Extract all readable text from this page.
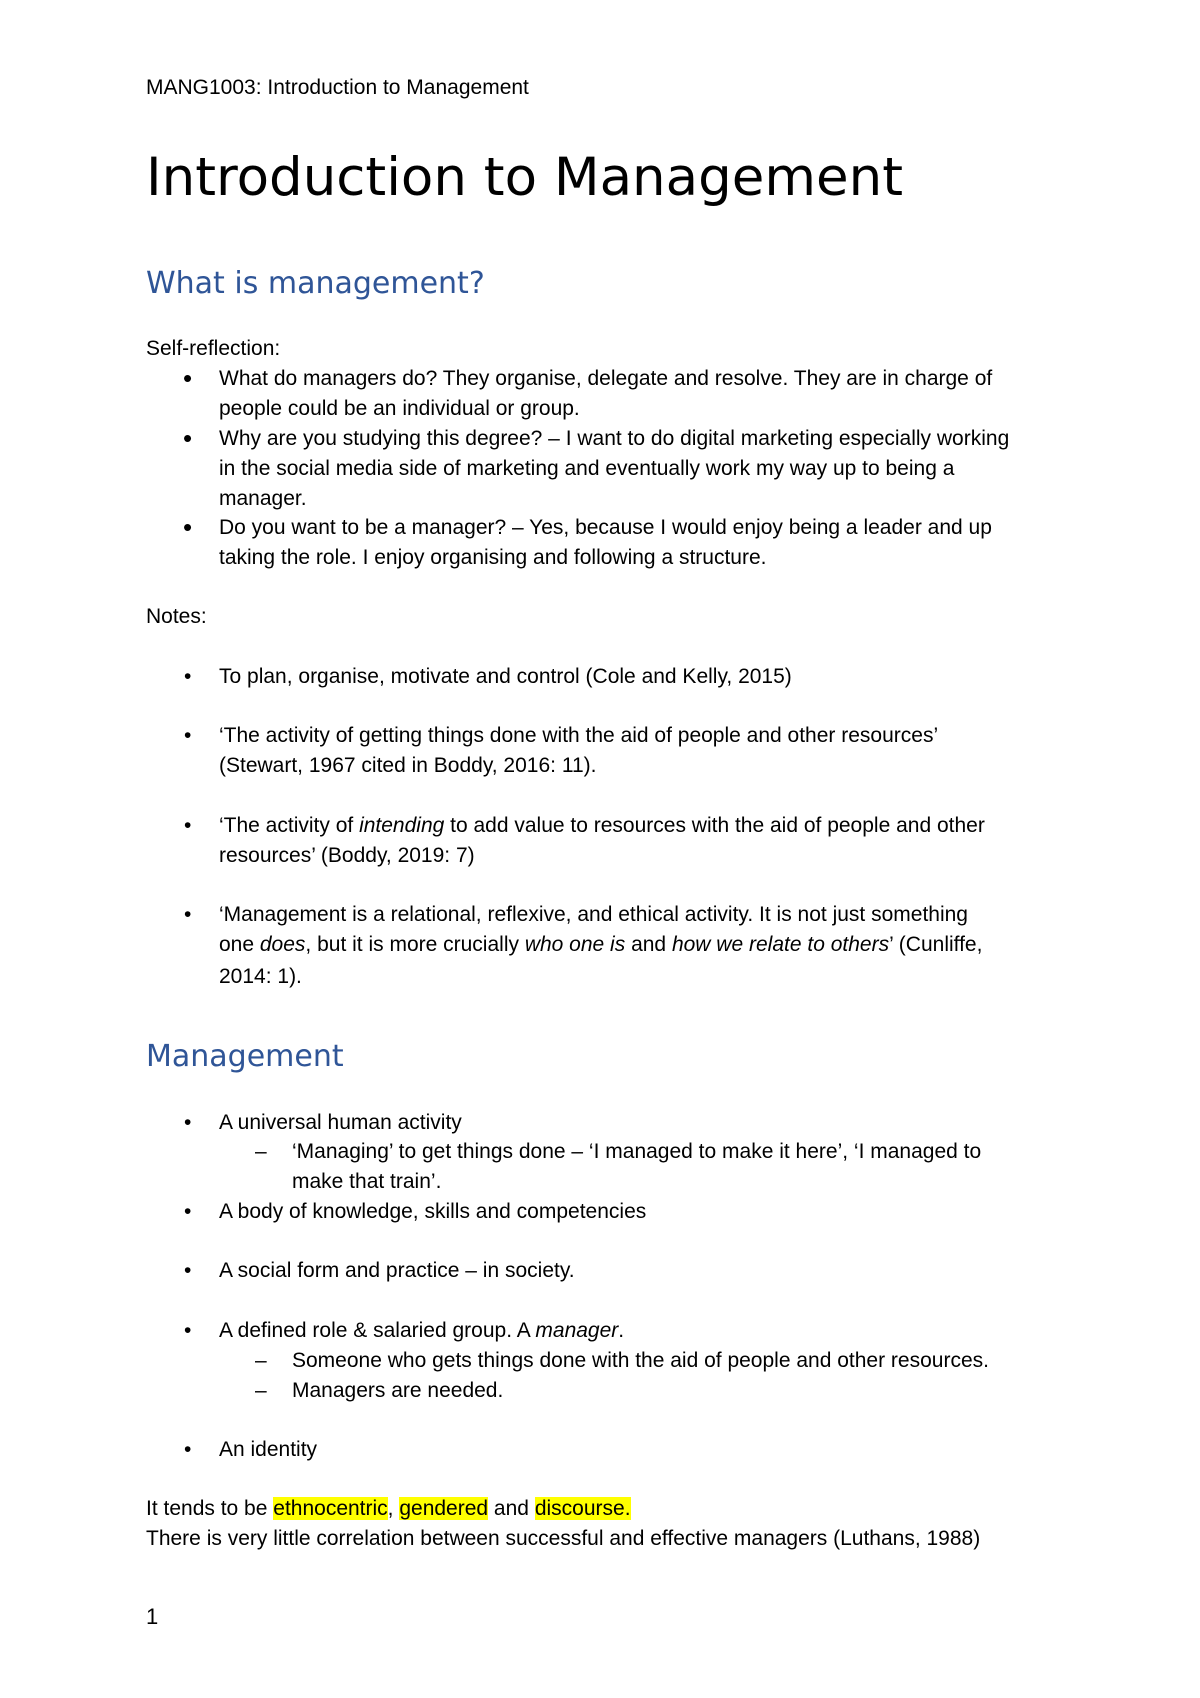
MANG1003: Introduction to Management
Introduction to Management
What is management?
Self-reflection:
• What do managers do? They organise, delegate and resolve. They are in charge of
people could be an individual or group.
• Why are you studying this degree? – I want to do digital marketing especially working
in the social media side of marketing and eventually work my way up to being a
manager.
• Do you want to be a manager? – Yes, because I would enjoy being a leader and up
taking the role. I enjoy organising and following a structure.
Notes:
• To plan, organise, motivate and control (Cole and Kelly, 2015)
• ‘The activity of getting things done with the aid of people and other resources’
(Stewart, 1967 cited in Boddy, 2016: 11).
• ‘The activity of intending to add value to resources with the aid of people and other
resources’ (Boddy, 2019: 7)
• ‘Management is a relational, reflexive, and ethical activity. It is not just something
one does, but it is more crucially who one is and how we relate to others’ (Cunliffe,
2014: 1).
Management
• A universal human activity
– ‘Managing’ to get things done – ‘I managed to make it here’, ‘I managed to
make that train’.
• A body of knowledge, skills and competencies
• A social form and practice – in society.
• A defined role & salaried group. A manager.
– Someone who gets things done with the aid of people and other resources.
– Managers are needed.
• An identity
It tends to be ethnocentric, gendered and discourse.
There is very little correlation between successful and effective managers (Luthans, 1988)
1
